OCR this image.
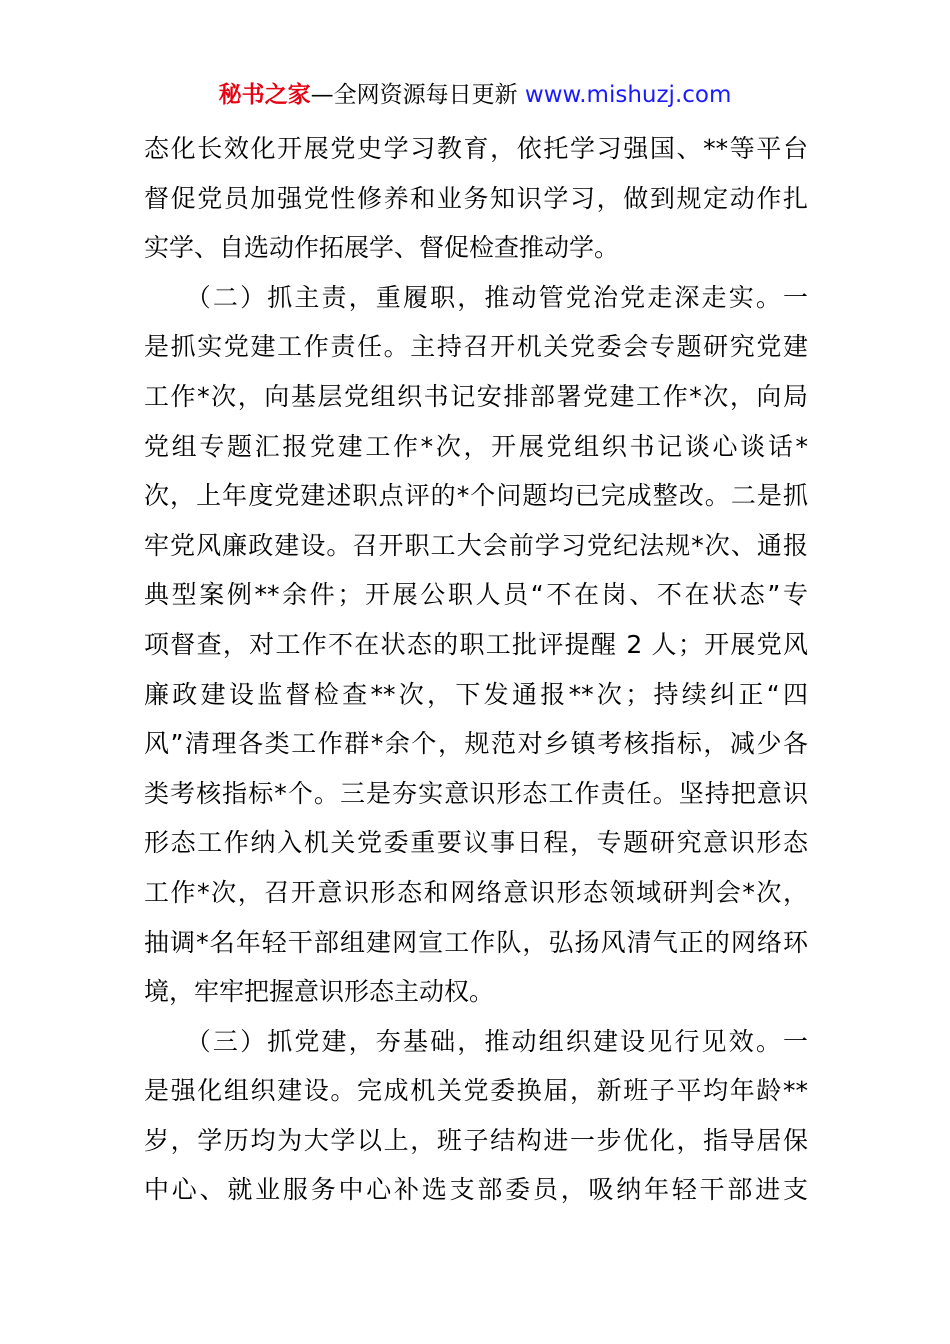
秘书之家—全网资源每日更新 www.mishuzj.com
态化长效化开展党史学习教育，依托学习强国、**等平台
督促党员加强党性修养和业务知识学习，做到规定动作扎
实学、自选动作拓展学、督促检查推动学。
　　（二）抓主责，重履职，推动管党治党走深走实。一
是抓实党建工作责任。主持召开机关党委会专题研究党建
工作*次，向基层党组织书记安排部署党建工作*次，向局
党组专题汇报党建工作*次，开展党组织书记谈心谈话*
次，上年度党建述职点评的*个问题均已完成整改。二是抓
牢党风廉政建设。召开职工大会前学习党纪法规*次、通报
典型案例**余件；开展公职人员“不在岗、不在状态”专
项督查，对工作不在状态的职工批评提醒 2 人；开展党风
廉政建设监督检查**次，下发通报**次；持续纠正“四
风”清理各类工作群*余个，规范对乡镇考核指标，减少各
类考核指标*个。三是夯实意识形态工作责任。坚持把意识
形态工作纳入机关党委重要议事日程，专题研究意识形态
工作*次，召开意识形态和网络意识形态领域研判会*次，
抽调*名年轻干部组建网宣工作队，弘扬风清气正的网络环
境，牢牢把握意识形态主动权。
　　（三）抓党建，夯基础，推动组织建设见行见效。一
是强化组织建设。完成机关党委换届，新班子平均年龄**
岁，学历均为大学以上，班子结构进一步优化，指导居保
中心、就业服务中心补选支部委员，吸纳年轻干部进支
